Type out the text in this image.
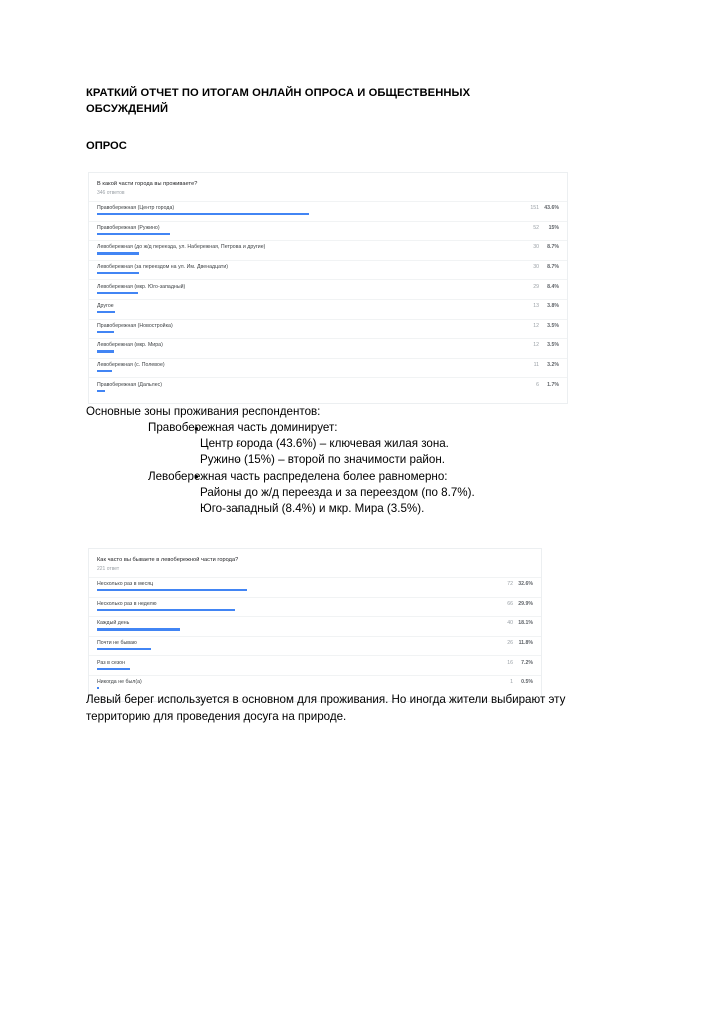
КРАТКИЙ ОТЧЕТ ПО ИТОГАМ ОНЛАЙН ОПРОСА И ОБЩЕСТВЕННЫХ ОБСУЖДЕНИЙ
ОПРОС

В какой части города вы проживаете?

346 ответов

Правобережная (Центр города)	151 43.6%
Правобережная (Ружино)	52 15%
Левобережная (до ж/д переезда, ул. Набережная, Петрова и другие)	30 8.7%
Левобережная (за переездом на ул. Им. Двенадцати)	30 8.7%
Левобережная (мкр. Юго-западный)	29 8.4%
Другое	13 3.8%
Правобережная (Новостройка)	12 3.5%
Левобережная (мкр. Мира)	12 3.5%
Левобережная (с. Полевое)	11 3.2%
Правобережная (Дальлес)	6 1.7%

Основные зоны проживания респондентов:

● Правобережная часть доминирует:
○ Центр города (43.6%) – ключевая жилая зона.
○ Ружино (15%) – второй по значимости район.
● Левобережная часть распределена более равномерно:
○ Районы до ж/д переезда и за переездом (по 8.7%).
○ Юго-западный (8.4%) и мкр. Мира (3.5%).

Как часто вы бываете в левобережной части города?

221 ответ

Несколько раз в месяц	72 32.6%
Несколько раз в неделю	66 29.9%
Каждый день	40 18.1%
Почти не бываю	26 11.8%
Раз в сезон	16 7.2%
Никогда не был(а)	1 0.5%

Левый берег используется в основном для проживания. Но иногда жители выбирают эту территорию для проведения досуга на природе.
